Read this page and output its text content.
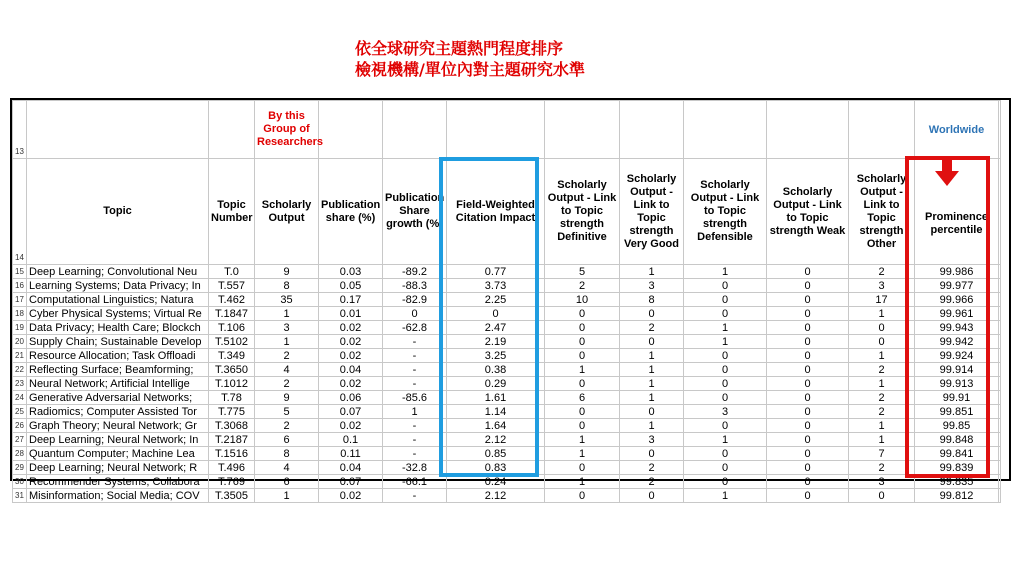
依全球研究主題熱門程度排序
檢視機構/單位內對主題研究水準
13			By this Group of Researchers									Worldwide	
14	Topic	Topic Number	Scholarly Output	Publication share (%)	Publication Share growth (%)	Field-Weighted Citation Impact	Scholarly Output - Link to Topic strength Definitive	Scholarly Output - Link to Topic strength Very Good	Scholarly Output - Link to Topic strength Defensible	Scholarly Output - Link to Topic strength Weak	Scholarly Output - Link to Topic strength Other	Prominence percentile	
15	Deep Learning; Convolutional Neu	T.0	9	0.03	-89.2	0.77	5	1	1	0	2	99.986	
16	Learning Systems; Data Privacy; In	T.557	8	0.05	-88.3	3.73	2	3	0	0	3	99.977	
17	Computational Linguistics; Natura	T.462	35	0.17	-82.9	2.25	10	8	0	0	17	99.966	
18	Cyber Physical Systems; Virtual Re	T.1847	1	0.01	0	0	0	0	0	0	1	99.961	
19	Data Privacy; Health Care; Blockch	T.106	3	0.02	-62.8	2.47	0	2	1	0	0	99.943	
20	Supply Chain; Sustainable Develop	T.5102	1	0.02	-	2.19	0	0	1	0	0	99.942	
21	Resource Allocation; Task Offloadi	T.349	2	0.02	-	3.25	0	1	0	0	1	99.924	
22	Reflecting Surface; Beamforming;	T.3650	4	0.04	-	0.38	1	1	0	0	2	99.914	
23	Neural Network; Artificial Intellige	T.1012	2	0.02	-	0.29	0	1	0	0	1	99.913	
24	Generative Adversarial Networks;	T.78	9	0.06	-85.6	1.61	6	1	0	0	2	99.91	
25	Radiomics; Computer Assisted Tor	T.775	5	0.07	1	1.14	0	0	3	0	2	99.851	
26	Graph Theory; Neural Network; Gr	T.3068	2	0.02	-	1.64	0	1	0	0	1	99.85	
27	Deep Learning; Neural Network; In	T.2187	6	0.1	-	2.12	1	3	1	0	1	99.848	
28	Quantum Computer; Machine Lea	T.1516	8	0.11	-	0.85	1	0	0	0	7	99.841	
29	Deep Learning; Neural Network; R	T.496	4	0.04	-32.8	0.83	0	2	0	0	2	99.839	
30	Recommender Systems; Collabora	T.769	6	0.07	-66.1	0.24	1	2	0	0	3	99.835	
31	Misinformation; Social Media; COV	T.3505	1	0.02	-	2.12	0	0	1	0	0	99.812	
